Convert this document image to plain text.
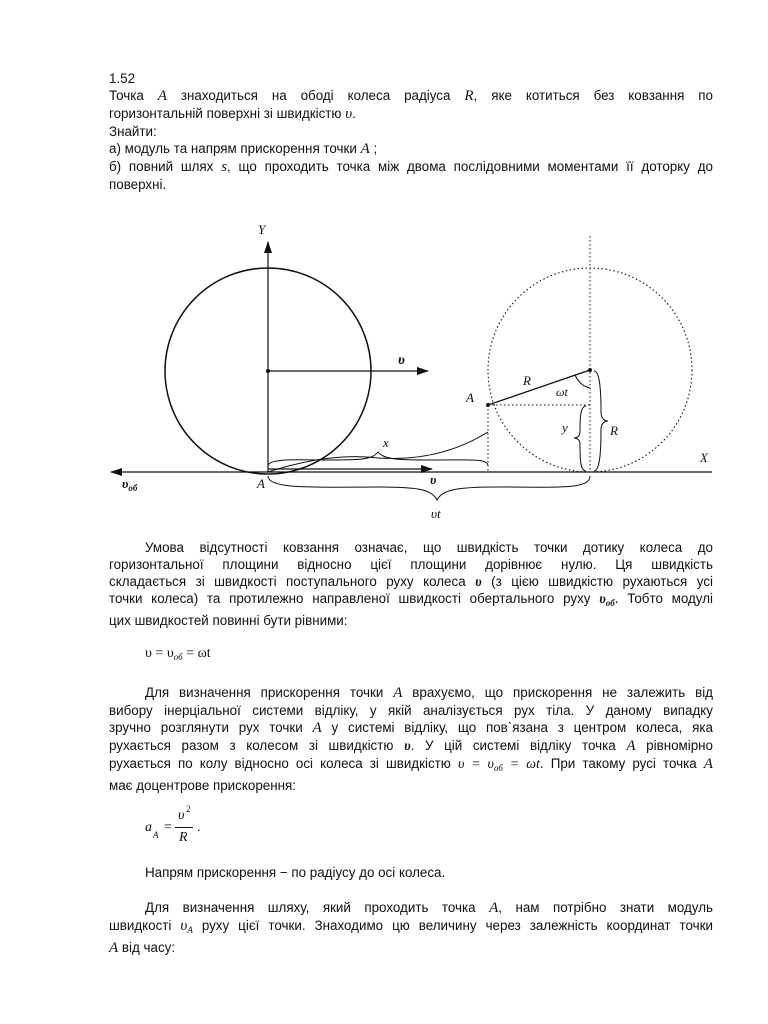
1.52
Точка A знаходиться на ободі колеса радіуса R, яке котиться без ковзання по
горизонтальній поверхні зі швидкістю υ.
Знайти:
а) модуль та напрям прискорення точки A ;
б) повний шлях s, що проходить точка між двома послідовними моментами її доторку до
поверхні.
Y
υ
X
A
$\upsilon_{об}$
υ
x
υt
A
R
ωt
y	R
Умова відсутності ковзання означає, що швидкість точки дотику колеса до
горизонтальної площини відносно цієї площини дорівнює нулю. Ця швидкість
складається зі швидкості поступального руху колеса υ (з цією швидкістю рухаються усі
точки колеса) та протилежно направленої швидкості обертального руху $\upsilon_{об}$. Тобто модулі
цих швидкостей повинні бути рівними:
$\upsilon = \upsilon_{об} = \omega t$
Для визначення прискорення точки A врахуємо, що прискорення не залежить від
вибору інерціальної системи відліку, у якій аналізується рух тіла. У даному випадку
зручно розглянути рух точки A у системі відліку, що пов`язана з центром колеса, яка
рухається разом з колесом зі швидкістю υ. У цій системі відліку точка A рівномірно
рухається по колу відносно осі колеса зі швидкістю $\upsilon = \upsilon_{об} = \omega t$. При такому русі точка A
має доцентрове прискорення:
a A =
υ 2
R
.
Напрям прискорення − по радіусу до осі колеса.
Для визначення шляху, який проходить точка A, нам потрібно знати модуль
швидкості $\upsilon_A$ руху цієї точки. Знаходимо цю величину через залежність координат точки
A від часу:
